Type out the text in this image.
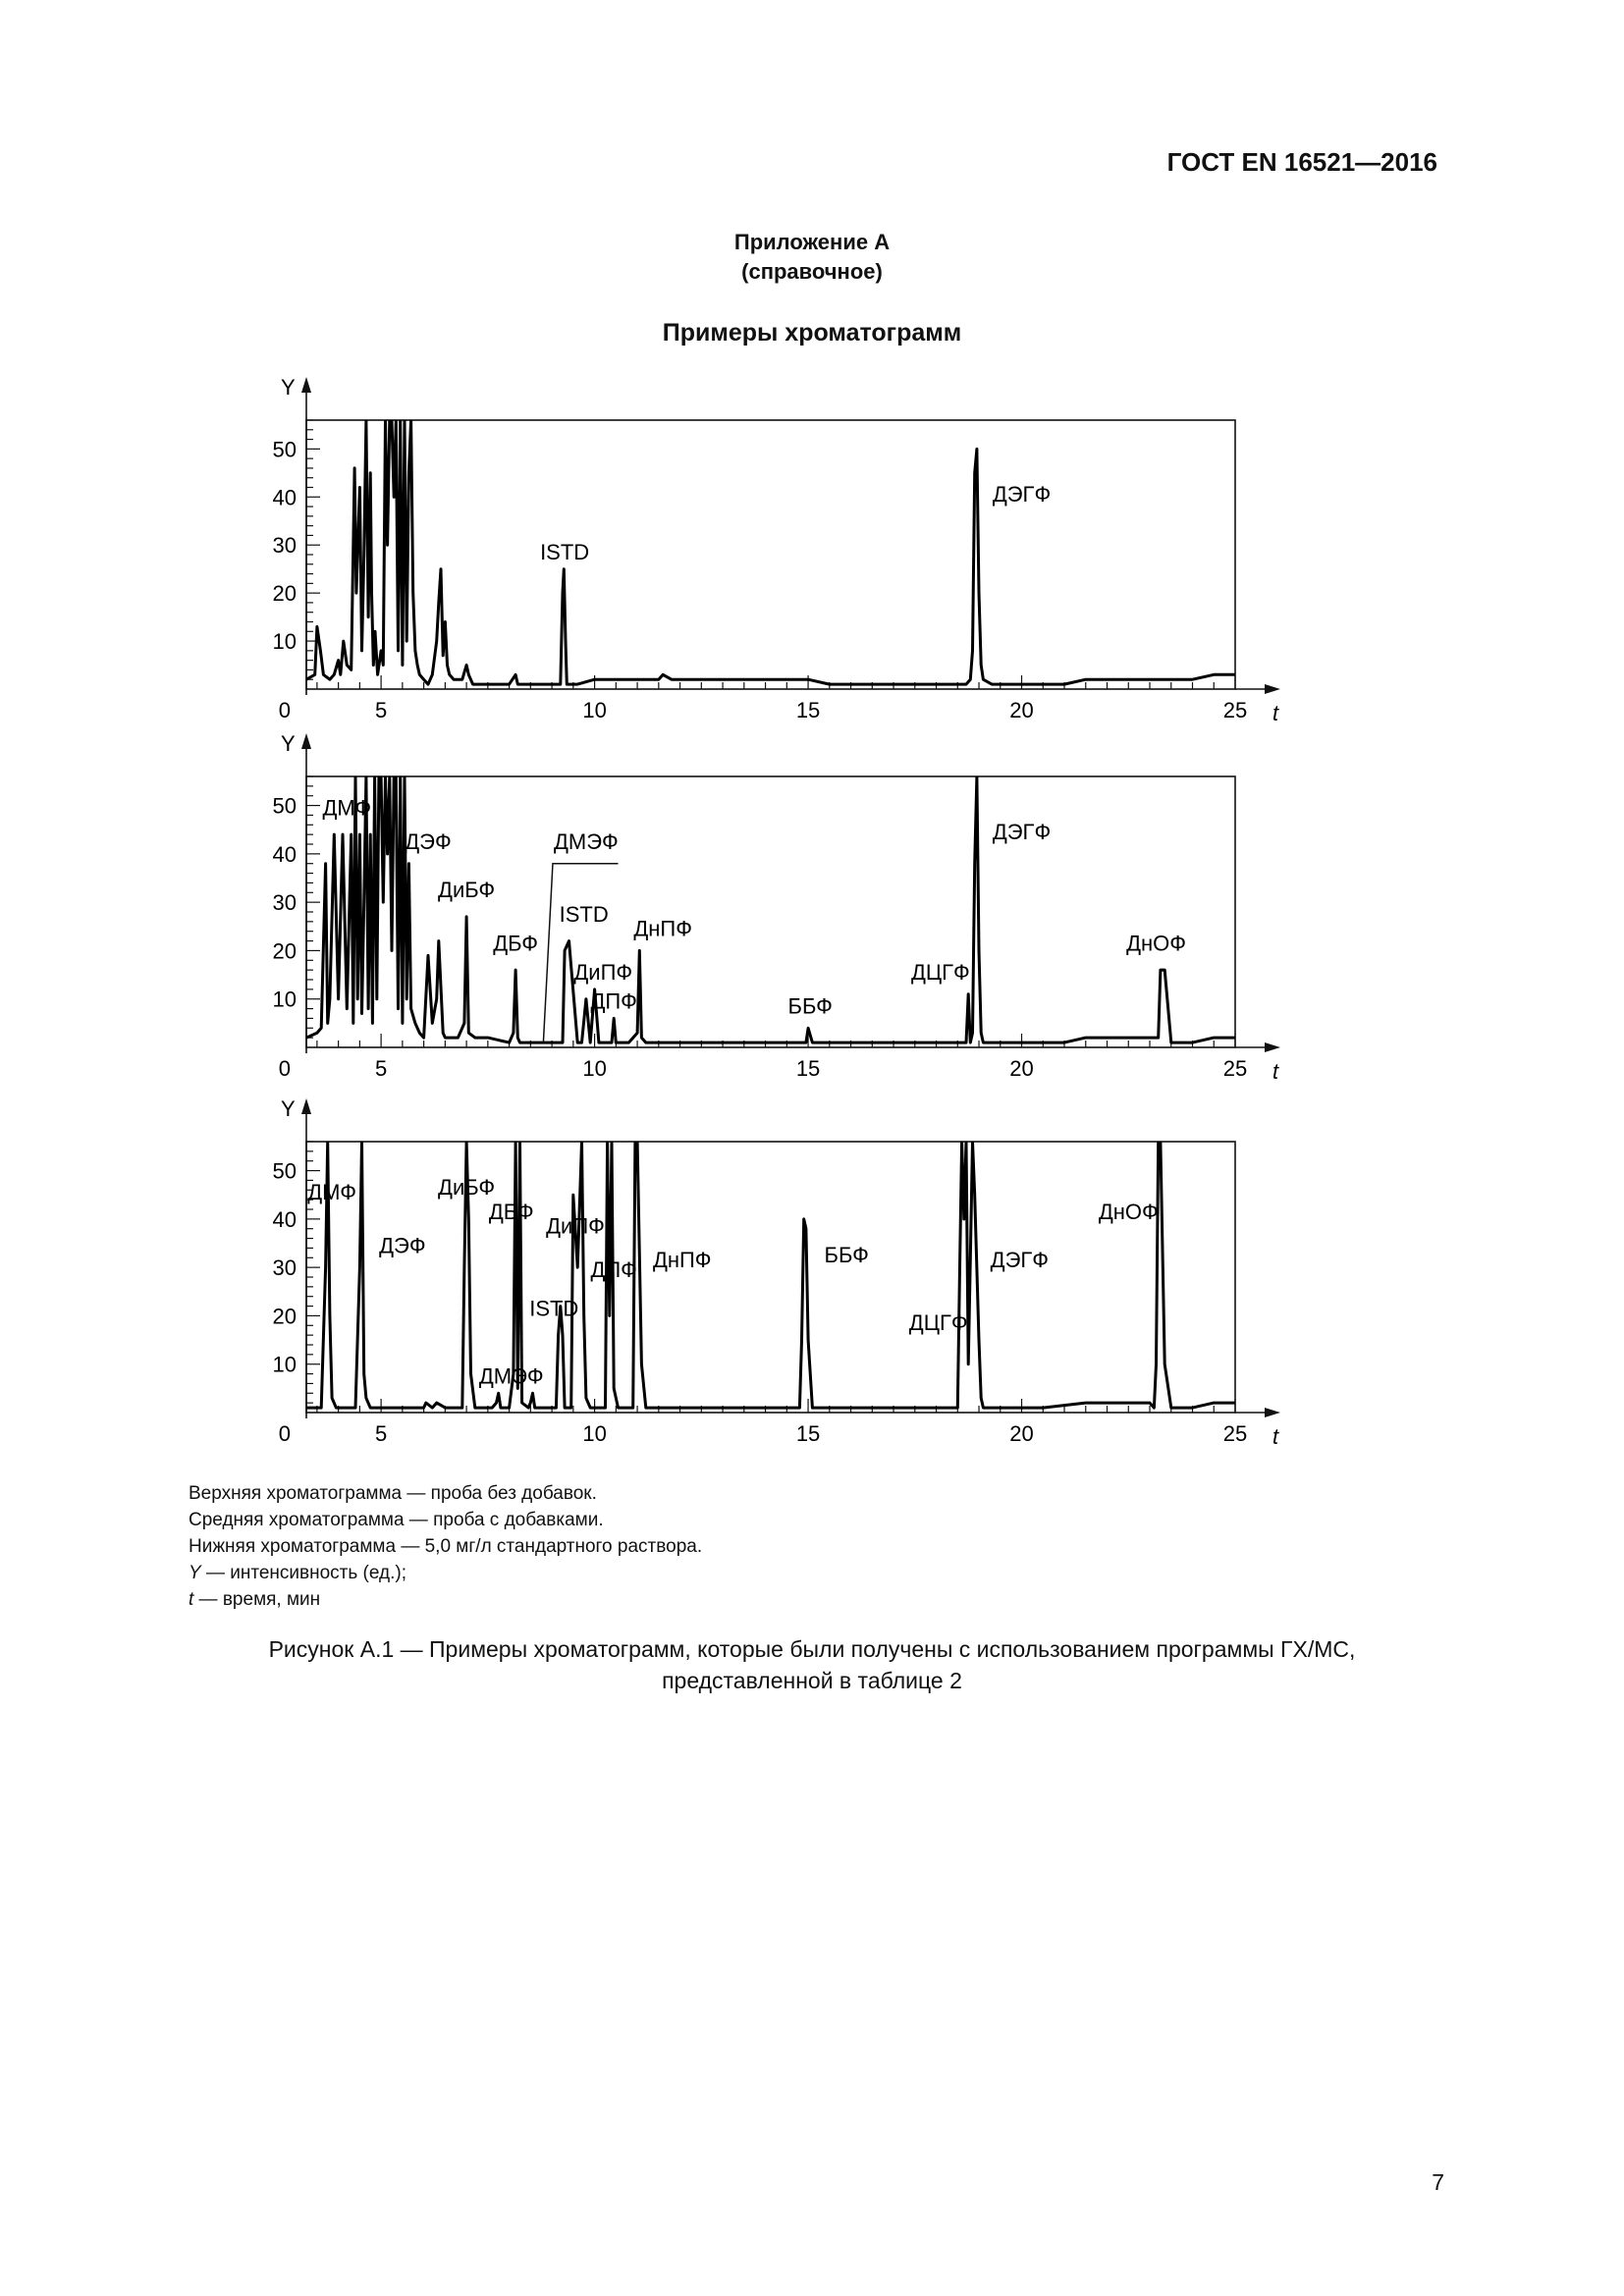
ГОСТ EN 16521—2016
Приложение А
(справочное)
Примеры хроматограмм
Y
t
0	5	10	15	20	25
10
20
30
40
50
ISTD
ДЭГФ
Y
t
0	5	10	15	20	25
10
20
30
40
50 ДМФ
ДЭФ
ДиБФ
ДБФ
ДМЭФ
ISTD
ДиПФ
ДПФ
ДнПФ
ББФ
ДЦГФ
ДЭГФ
ДнОФ
Y
t
0	5	10	15	20	25
10
20
30
40
50
ДМФ
ДЭФ
ДиБФ
ДБФ
ДиПФ
ДПФ ДнПФ	ББФ
ISTD
ДМЭФ
ДЦГФ
ДЭГФ
ДнОФ
Верхняя хроматограмма — проба без добавок.
Средняя хроматограмма — проба с добавками.
Нижняя хроматограмма — 5,0 мг/л стандартного раствора.
Y — интенсивность (ед.);
t — время, мин
Рисунок А.1 — Примеры хроматограмм, которые были получены с использованием программы ГХ/МС,
представленной в таблице 2
7
